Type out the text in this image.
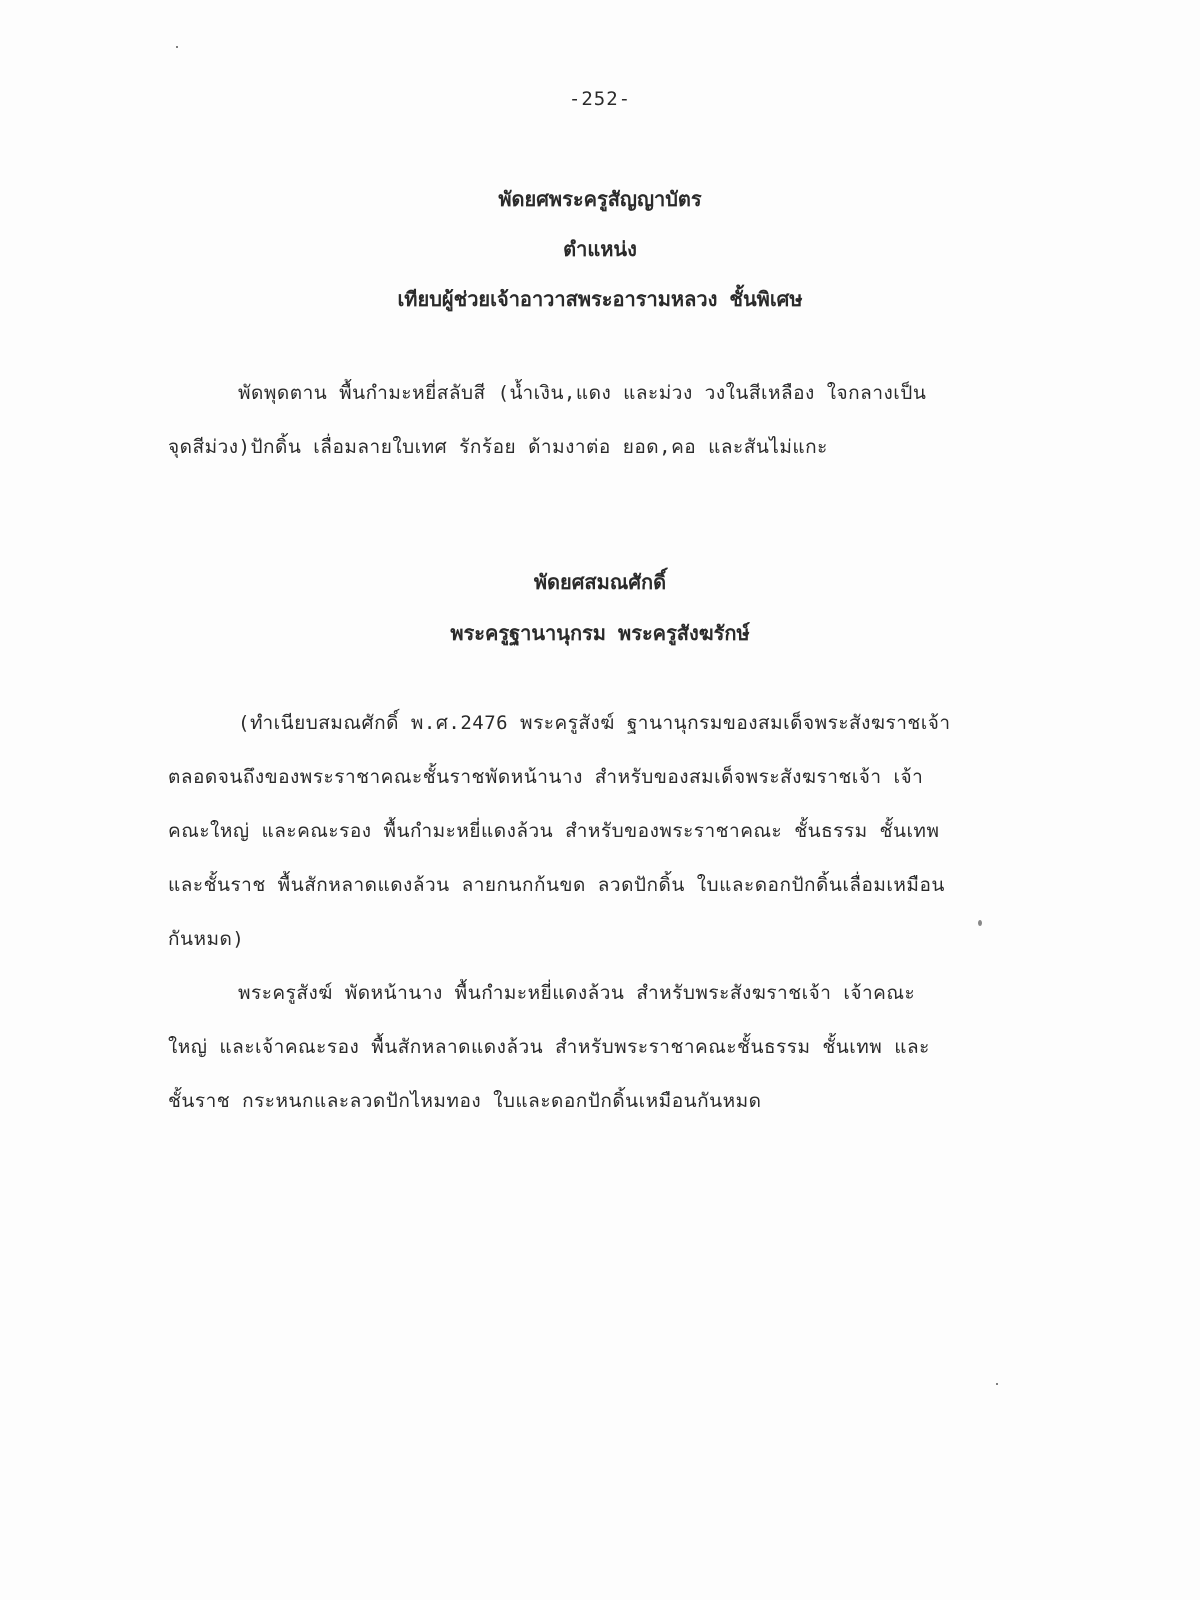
-252-
พัดยศพระครูสัญญาบัตร
ตำแหน่ง
เทียบผู้ช่วยเจ้าอาวาสพระอารามหลวง ชั้นพิเศษ
พัดพุดตาน พื้นกำมะหยี่สลับสี (น้ำเงิน,แดง และม่วง วงในสีเหลือง ใจกลางเป็น
จุดสีม่วง)ปักดิ้น เลื่อมลายใบเทศ รักร้อย ด้ามงาต่อ ยอด,คอ และสันไม่แกะ
พัดยศสมณศักดิ์
พระครูฐานานุกรม พระครูสังฆรักษ์
(ทำเนียบสมณศักดิ์ พ.ศ.2476 พระครูสังฆ์ ฐานานุกรมของสมเด็จพระสังฆราชเจ้า
ตลอดจนถึงของพระราชาคณะชั้นราชพัดหน้านาง สำหรับของสมเด็จพระสังฆราชเจ้า เจ้า
คณะใหญ่ และคณะรอง พื้นกำมะหยี่แดงล้วน สำหรับของพระราชาคณะ ชั้นธรรม ชั้นเทพ
และชั้นราช พื้นสักหลาดแดงล้วน ลายกนกก้นขด ลวดปักดิ้น ใบและดอกปักดิ้นเลื่อมเหมือน
กันหมด)
พระครูสังฆ์ พัดหน้านาง พื้นกำมะหยี่แดงล้วน สำหรับพระสังฆราชเจ้า เจ้าคณะ
ใหญ่ และเจ้าคณะรอง พื้นสักหลาดแดงล้วน สำหรับพระราชาคณะชั้นธรรม ชั้นเทพ และ
ชั้นราช กระหนกและลวดปักไหมทอง ใบและดอกปักดิ้นเหมือนกันหมด
